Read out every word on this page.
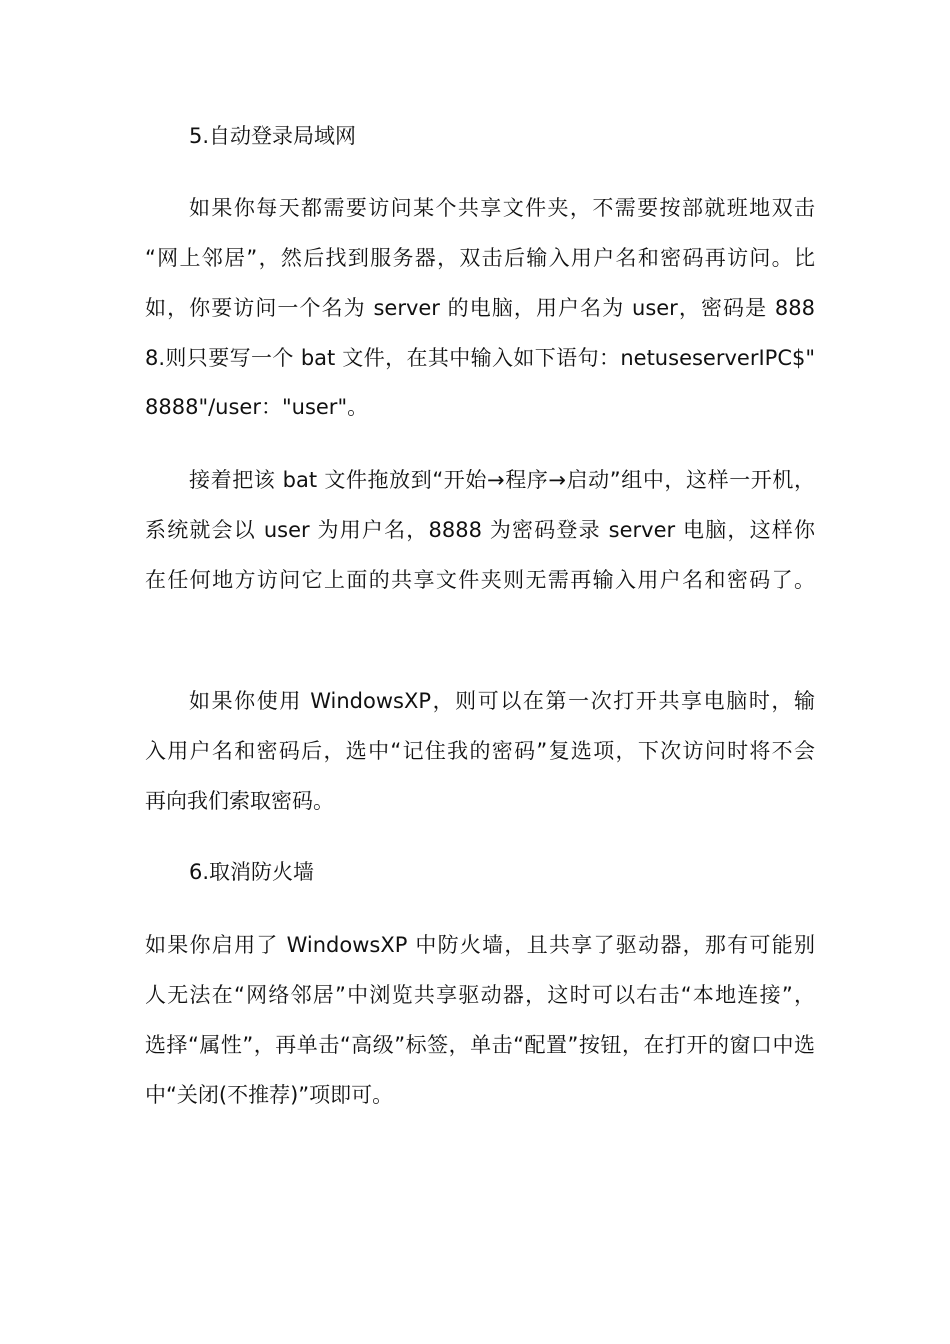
5.自动登录局域网
如果你每天都需要访问某个共享文件夹，不需要按部就班地双击
“网上邻居”，然后找到服务器，双击后输入用户名和密码再访问。比
如，你要访问一个名为 server 的电脑，用户名为 user，密码是 888
8.则只要写一个 bat 文件，在其中输入如下语句：netuseserverIPC$"
8888"/user："user"。
接着把该 bat 文件拖放到“开始→程序→启动”组中，这样一开机，
系统就会以 user 为用户名，8888 为密码登录 server 电脑，这样你
在任何地方访问它上面的共享文件夹则无需再输入用户名和密码了。
如果你使用 WindowsXP，则可以在第一次打开共享电脑时，输
入用户名和密码后，选中“记住我的密码”复选项，下次访问时将不会
再向我们索取密码。
6.取消防火墙
如果你启用了 WindowsXP 中防火墙，且共享了驱动器，那有可能别
人无法在“网络邻居”中浏览共享驱动器，这时可以右击“本地连接”，
选择“属性”，再单击“高级”标签，单击“配置”按钮，在打开的窗口中选
中“关闭(不推荐)”项即可。
